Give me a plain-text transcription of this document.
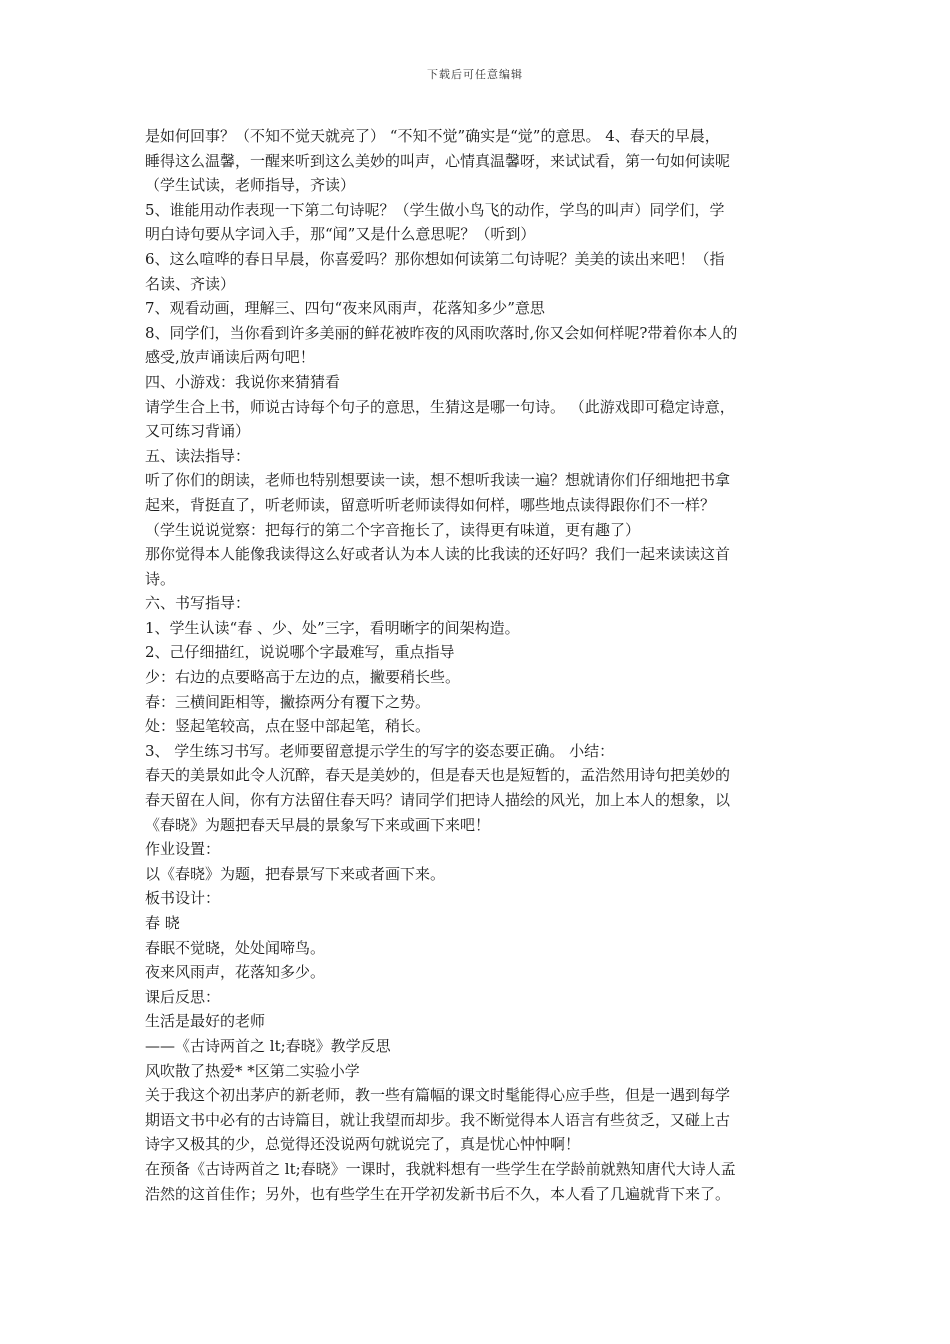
下载后可任意编辑
是如何回事？（不知不觉天就亮了） “不知不觉”确实是“觉”的意思。 4、春天的早晨，
睡得这么温馨，一醒来听到这么美妙的叫声，心情真温馨呀，来试试看，第一句如何读呢
（学生试读，老师指导，齐读）
5、谁能用动作表现一下第二句诗呢？（学生做小鸟飞的动作，学鸟的叫声）同学们，学
明白诗句要从字词入手，那“闻”又是什么意思呢？（听到）
6、这么喧哗的春日早晨，你喜爱吗？那你想如何读第二句诗呢？美美的读出来吧！（指
名读、齐读）
7、观看动画，理解三、四句“夜来风雨声，花落知多少”意思
8、同学们，当你看到许多美丽的鲜花被昨夜的风雨吹落时,你又会如何样呢?带着你本人的
感受,放声诵读后两句吧！
四、小游戏：我说你来猜猜看
请学生合上书，师说古诗每个句子的意思，生猜这是哪一句诗。 （此游戏即可稳定诗意，
又可练习背诵）
五、读法指导：
听了你们的朗读，老师也特别想要读一读，想不想听我读一遍？想就请你们仔细地把书拿
起来，背挺直了，听老师读，留意听听老师读得如何样，哪些地点读得跟你们不一样？
（学生说说觉察：把每行的第二个字音拖长了，读得更有味道，更有趣了）
那你觉得本人能像我读得这么好或者认为本人读的比我读的还好吗？我们一起来读读这首
诗。
六、书写指导：
1、学生认读“春 、少、处”三字，看明晰字的间架构造。
2、己仔细描红，说说哪个字最难写，重点指导
少：右边的点要略高于左边的点，撇要稍长些。
春：三横间距相等，撇捺两分有覆下之势。
处：竖起笔较高，点在竖中部起笔，稍长。
3、 学生练习书写。老师要留意提示学生的写字的姿态要正确。 小结：
春天的美景如此令人沉醉，春天是美妙的，但是春天也是短暂的，孟浩然用诗句把美妙的
春天留在人间，你有方法留住春天吗？请同学们把诗人描绘的风光，加上本人的想象，以
《春晓》为题把春天早晨的景象写下来或画下来吧！
作业设置：
以《春晓》为题，把春景写下来或者画下来。
板书设计：
春 晓
春眠不觉晓，处处闻啼鸟。
夜来风雨声，花落知多少。
课后反思：
生活是最好的老师
——《古诗两首之 lt;春晓》教学反思
风吹散了热爱* *区第二实验小学
关于我这个初出茅庐的新老师，教一些有篇幅的课文时髦能得心应手些，但是一遇到每学
期语文书中必有的古诗篇目，就让我望而却步。我不断觉得本人语言有些贫乏，又碰上古
诗字又极其的少，总觉得还没说两句就说完了，真是忧心忡忡啊！
在预备《古诗两首之 lt;春晓》一课时，我就料想有一些学生在学龄前就熟知唐代大诗人孟
浩然的这首佳作；另外，也有些学生在开学初发新书后不久，本人看了几遍就背下来了。
